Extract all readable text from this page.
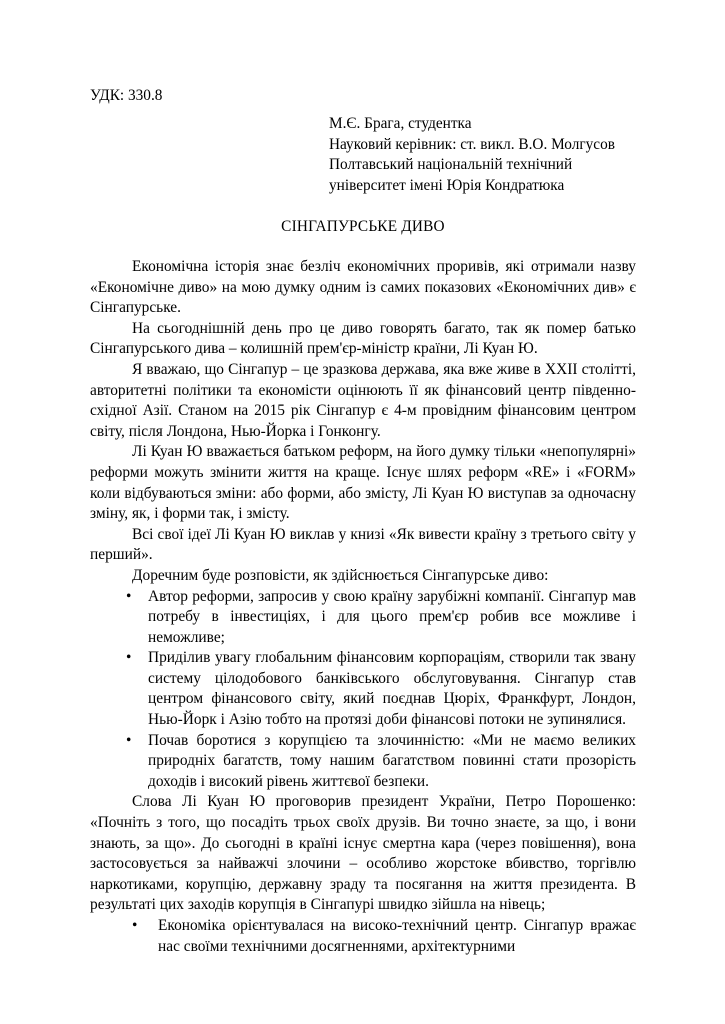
УДК: 330.8
М.Є. Брага, студентка
Науковий керівник: ст. викл. В.О. Молгусов
Полтавський національній технічний
університет імені Юрія Кондратюка
СІНГАПУРСЬКЕ ДИВО

Економічна історія знає безліч економічних проривів, які отримали назву «Економічне диво» на мою думку одним із самих показових «Економічних див» є Сінгапурське.

На сьогоднішній день про це диво говорять багато, так як помер батько Сінгапурського дива – колишній прем'єр-міністр країни, Лі Куан Ю.

Я вважаю, що Сінгапур – це зразкова держава, яка вже живе в XXII столітті, авторитетні політики та економісти оцінюють її як фінансовий центр південно-східної Азії. Станом на 2015 рік Сінгапур є 4-м провідним фінансовим центром світу, після Лондона, Нью-Йорка і Гонконгу.

Лі Куан Ю вважається батьком реформ, на його думку тільки «непопулярні» реформи можуть змінити життя на краще. Існує шлях реформ «RE» і «FORM» коли відбуваються зміни: або форми, або змісту, Лі Куан Ю виступав за одночасну зміну, як, і форми так, і змісту.

Всі свої ідеї Лі Куан Ю виклав у книзі «Як вивести країну з третього світу у перший».

Доречним буде розповісти, як здійснюється Сінгапурське диво:

• Автор реформи, запросив у свою країну зарубіжні компанії. Сінгапур мав потребу в інвестиціях, і для цього прем'єр робив все можливе і неможливе;
• Приділив увагу глобальним фінансовим корпораціям, створили так звану систему цілодобового банківського обслуговування. Сінгапур став центром фінансового світу, який поєднав Цюріх, Франкфурт, Лондон, Нью-Йорк і Азію тобто на протязі доби фінансові потоки не зупинялися.
• Почав боротися з корупцією та злочинністю: «Ми не маємо великих природніх багатств, тому нашим багатством повинні стати прозорість доходів і високий рівень життєвої безпеки.

Слова Лі Куан Ю проговорив президент України, Петро Порошенко: «Почніть з того, що посадіть трьох своїх друзів. Ви точно знаєте, за що, і вони знають, за що». До сьогодні в країні існує смертна кара (через повішення), вона застосовується за найважчі злочини – особливо жорстоке вбивство, торгівлю наркотиками, корупцію, державну зраду та посягання на життя президента. В результаті цих заходів корупція в Сінгапурі швидко зійшла на нівець;

• Економіка орієнтувалася на високо-технічний центр. Сінгапур вражає нас своїми технічними досягненнями, архітектурними
